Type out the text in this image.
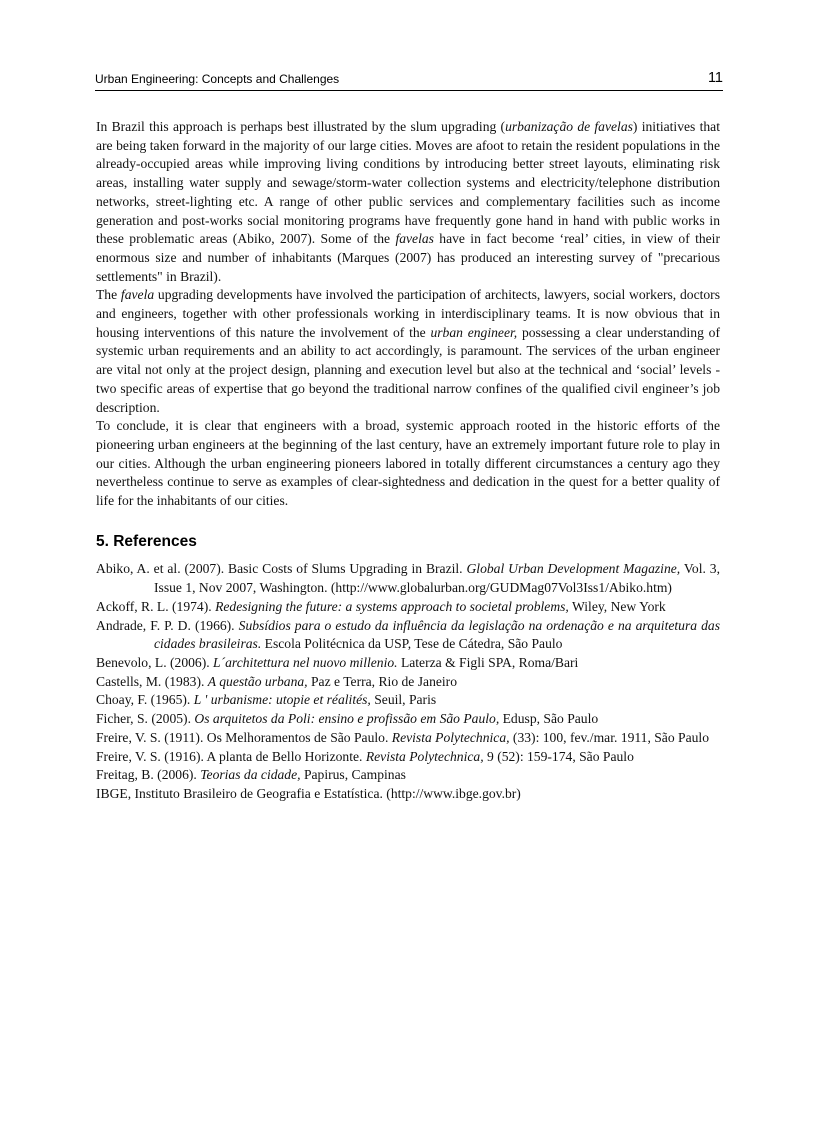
Urban Engineering: Concepts and Challenges	11

In Brazil this approach is perhaps best illustrated by the slum upgrading (urbanização de favelas) initiatives that are being taken forward in the majority of our large cities. Moves are afoot to retain the resident populations in the already-occupied areas while improving living conditions by introducing better street layouts, eliminating risk areas, installing water supply and sewage/storm-water collection systems and electricity/telephone distribution networks, street-lighting etc. A range of other public services and complementary facilities such as income generation and post-works social monitoring programs have frequently gone hand in hand with public works in these problematic areas (Abiko, 2007). Some of the favelas have in fact become ‘real’ cities, in view of their enormous size and number of inhabitants (Marques (2007) has produced an interesting survey of "precarious settlements" in Brazil).

The favela upgrading developments have involved the participation of architects, lawyers, social workers, doctors and engineers, together with other professionals working in interdisciplinary teams. It is now obvious that in housing interventions of this nature the involvement of the urban engineer, possessing a clear understanding of systemic urban requirements and an ability to act accordingly, is paramount. The services of the urban engineer are vital not only at the project design, planning and execution level but also at the technical and ‘social’ levels - two specific areas of expertise that go beyond the traditional narrow confines of the qualified civil engineer’s job description.

To conclude, it is clear that engineers with a broad, systemic approach rooted in the historic efforts of the pioneering urban engineers at the beginning of the last century, have an extremely important future role to play in our cities. Although the urban engineering pioneers labored in totally different circumstances a century ago they nevertheless continue to serve as examples of clear-sightedness and dedication in the quest for a better quality of life for the inhabitants of our cities.

5. References

Abiko, A. et al. (2007). Basic Costs of Slums Upgrading in Brazil. Global Urban Development Magazine, Vol. 3, Issue 1, Nov 2007, Washington. (http://www.globalurban.org/GUDMag07Vol3Iss1/Abiko.htm)

Ackoff, R. L. (1974). Redesigning the future: a systems approach to societal problems, Wiley, New York

Andrade, F. P. D. (1966). Subsídios para o estudo da influência da legislação na ordenação e na arquitetura das cidades brasileiras. Escola Politécnica da USP, Tese de Cátedra, São Paulo

Benevolo, L. (2006). L´architettura nel nuovo millenio. Laterza & Figli SPA, Roma/Bari

Castells, M. (1983). A questão urbana, Paz e Terra, Rio de Janeiro

Choay, F. (1965). L ' urbanisme: utopie et réalités, Seuil, Paris

Ficher, S. (2005). Os arquitetos da Poli: ensino e profissão em São Paulo, Edusp, São Paulo

Freire, V. S. (1911). Os Melhoramentos de São Paulo. Revista Polytechnica, (33): 100, fev./mar. 1911, São Paulo

Freire, V. S. (1916). A planta de Bello Horizonte. Revista Polytechnica, 9 (52): 159-174, São Paulo

Freitag, B. (2006). Teorias da cidade, Papirus, Campinas

IBGE, Instituto Brasileiro de Geografia e Estatística. (http://www.ibge.gov.br)
